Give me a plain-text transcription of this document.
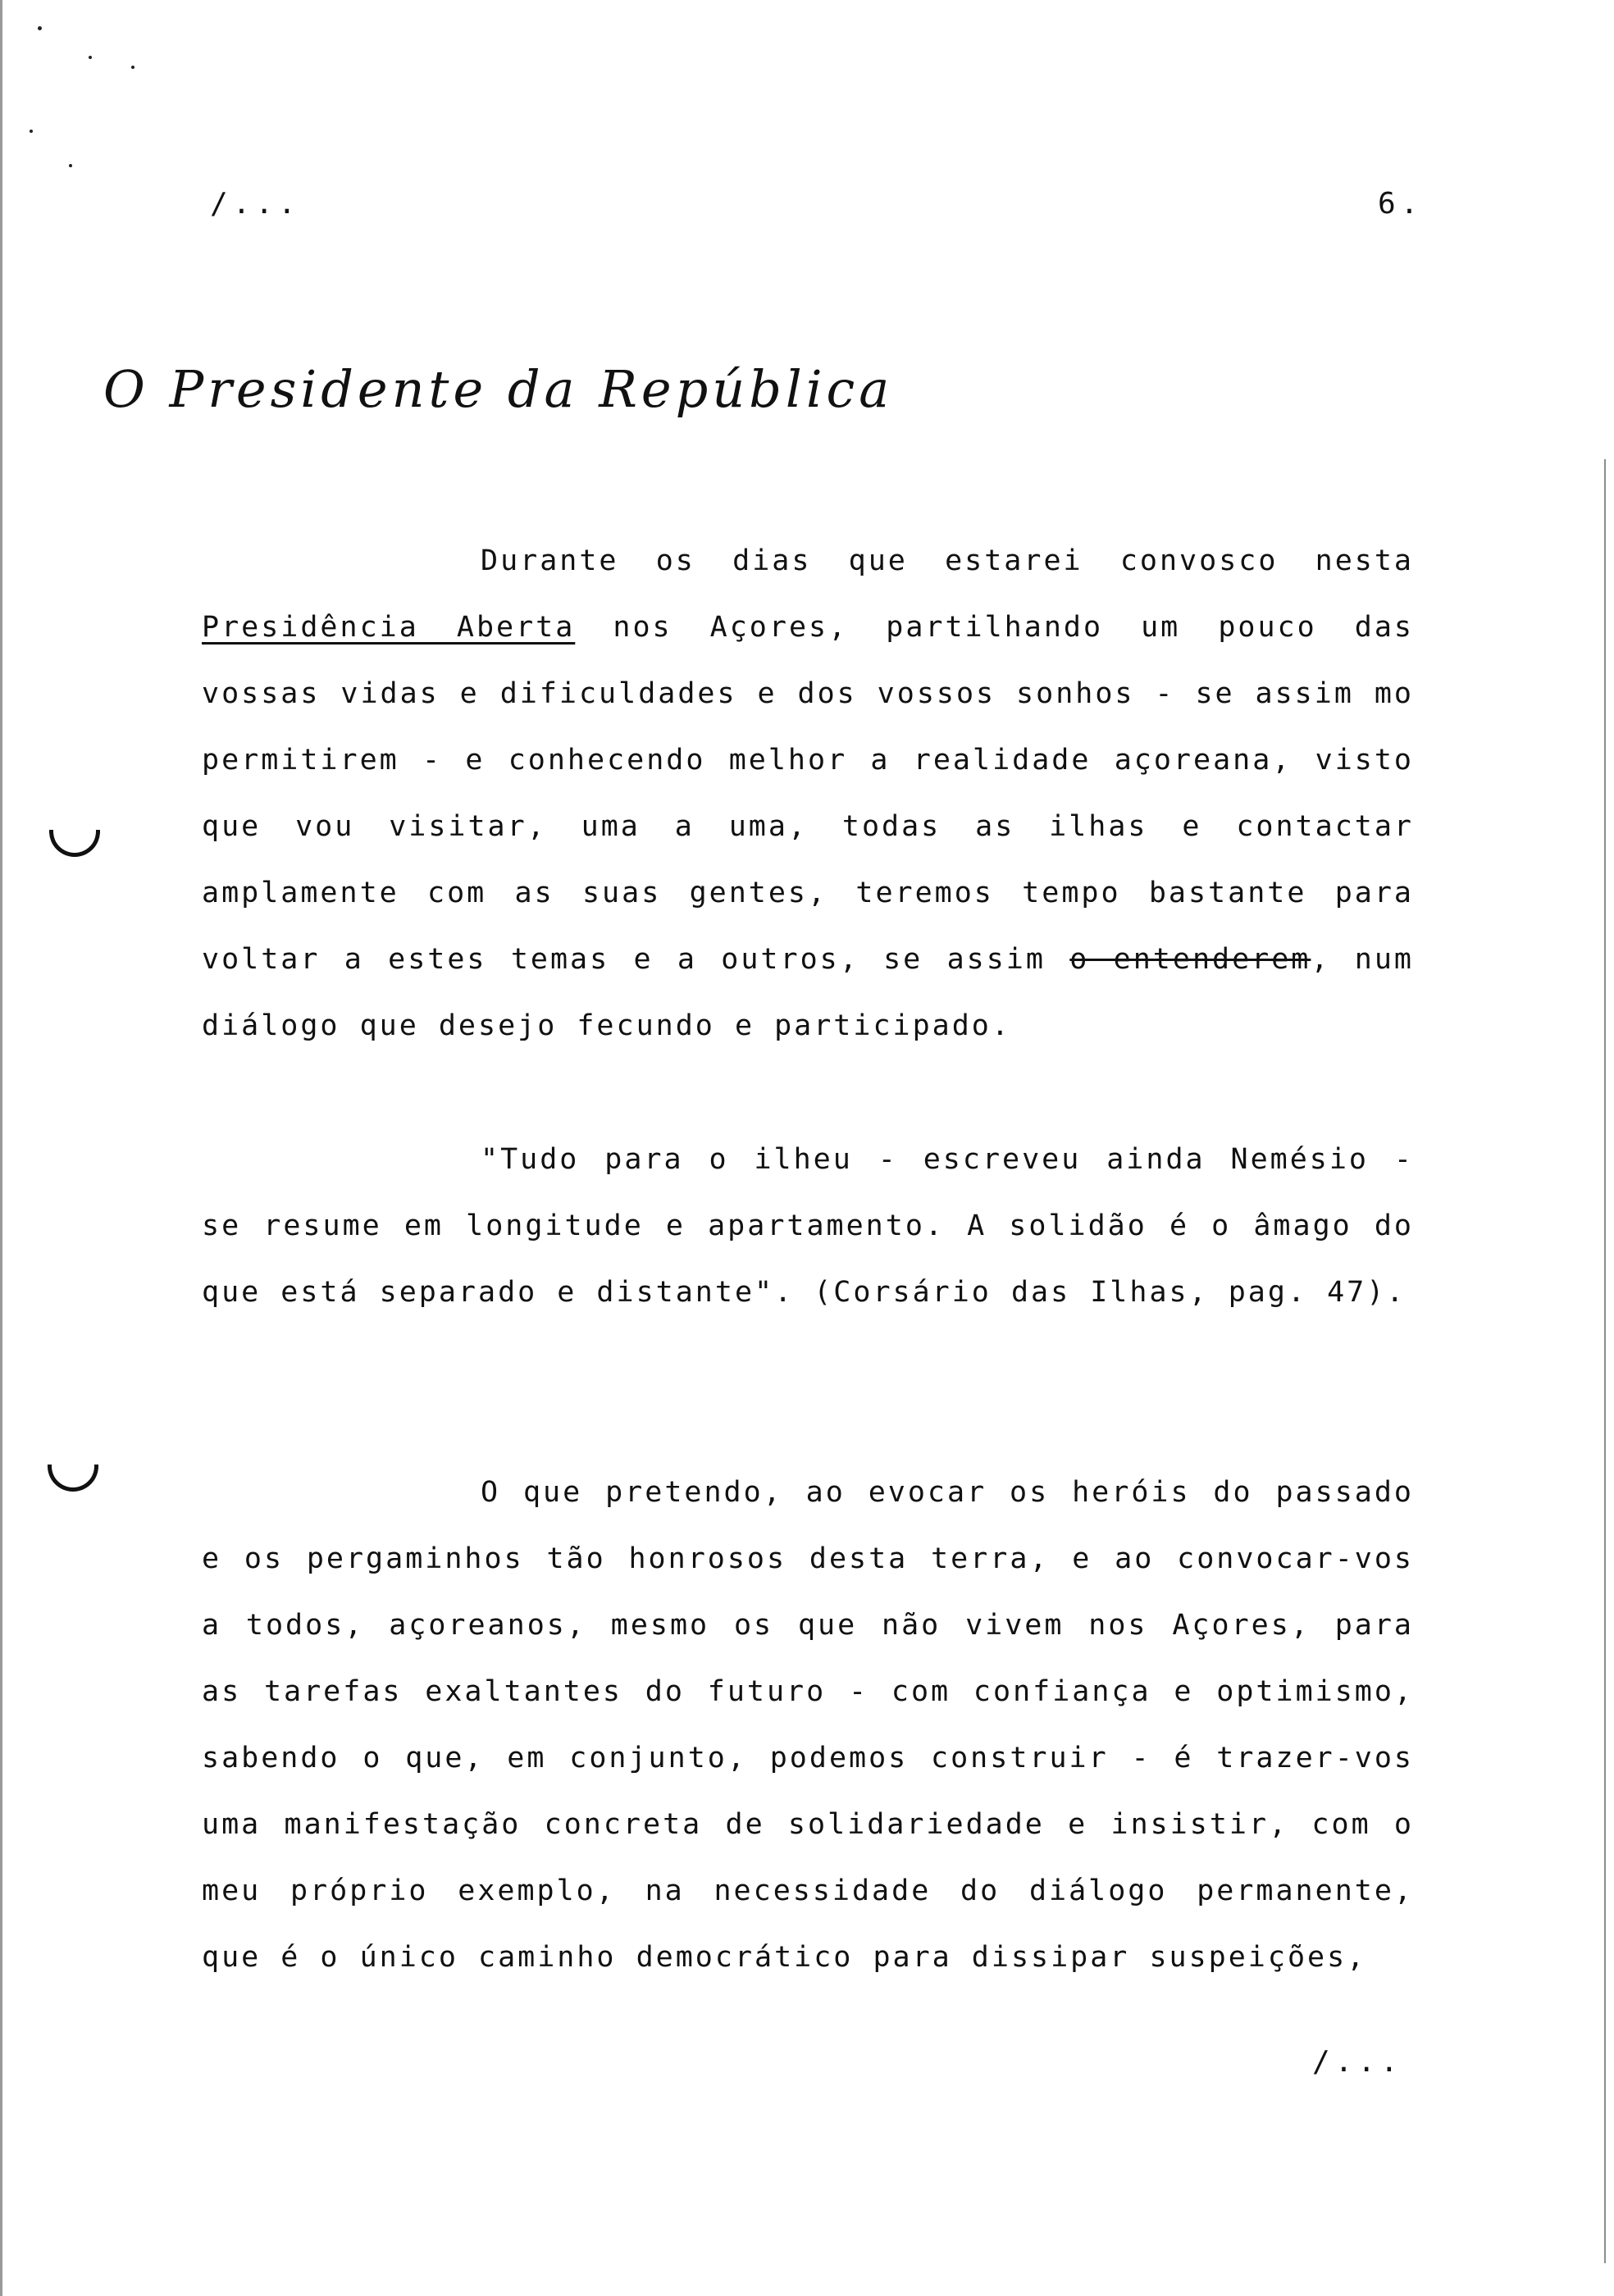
/...	6.
O Presidente da República

Durante os dias que estarei convosco nesta Presidência Aberta nos Açores, partilhando um pouco das vossas vidas e dificuldades e dos vossos sonhos - se assim mo permitirem - e conhecendo melhor a realidade açoreana, visto que vou visitar, uma a uma, todas as ilhas e contactar amplamente com as suas gentes, teremos tempo bastante para voltar a estes temas e a outros, se assim o entenderem, num diálogo que desejo fecundo e participado.

"Tudo para o ilheu - escreveu ainda Nemésio - se resume em longitude e apartamento. A solidão é o âmago do que está separado e distante". (Corsário das Ilhas, pag. 47).

O que pretendo, ao evocar os heróis do passado e os pergaminhos tão honrosos desta terra, e ao convocar-vos a todos, açoreanos, mesmo os que não vivem nos Açores, para as tarefas exaltantes do futuro - com confiança e optimismo, sabendo o que, em conjunto, podemos construir - é trazer-vos uma manifestação concreta de solidariedade e insistir, com o meu próprio exemplo, na necessidade do diálogo permanente, que é o único caminho democrático para dissipar suspeições,

/...
